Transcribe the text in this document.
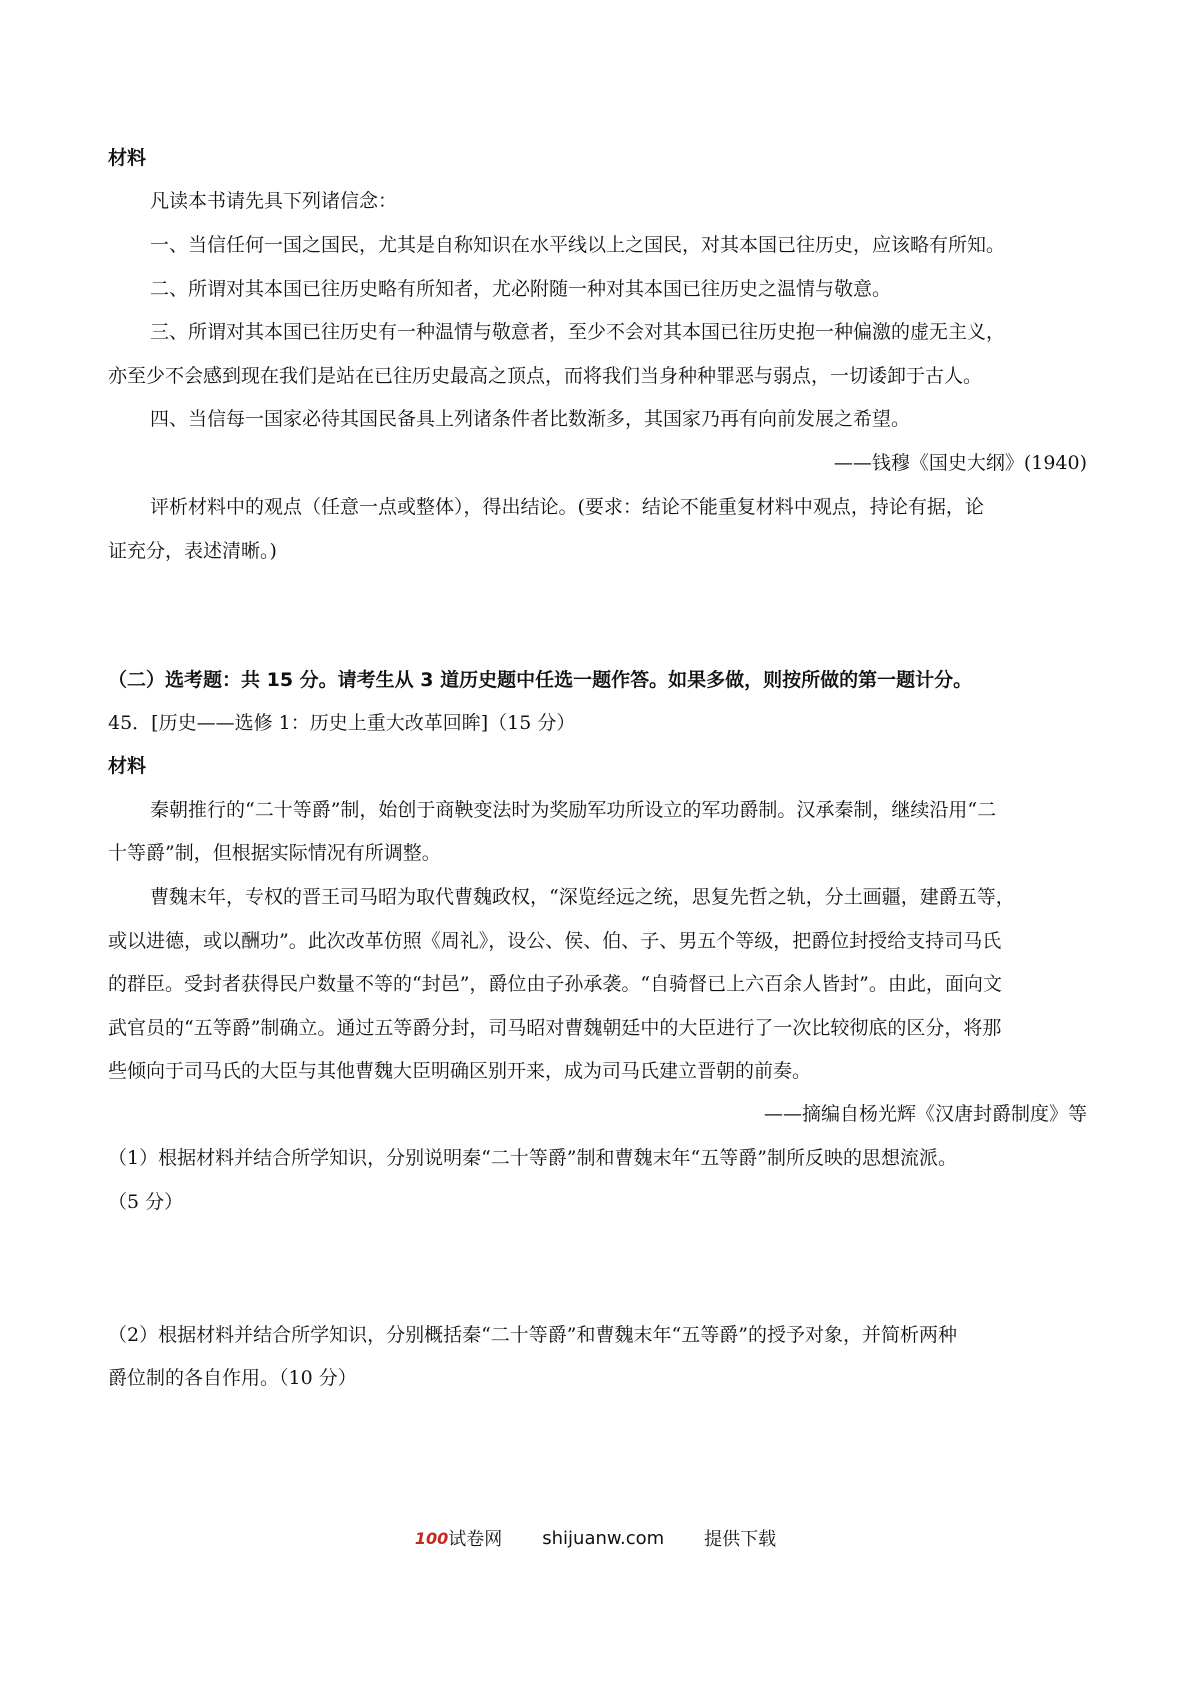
材料
凡读本书请先具下列诸信念：
一、当信任何一国之国民，尤其是自称知识在水平线以上之国民，对其本国已往历史，应该略有所知。
二、所谓对其本国已往历史略有所知者，尤必附随一种对其本国已往历史之温情与敬意。
三、所谓对其本国已往历史有一种温情与敬意者，至少不会对其本国已往历史抱一种偏激的虚无主义，
亦至少不会感到现在我们是站在已往历史最高之顶点，而将我们当身种种罪恶与弱点，一切诿卸于古人。
四、当信每一国家必待其国民备具上列诸条件者比数渐多，其国家乃再有向前发展之希望。
——钱穆《国史大纲》(1940)
评析材料中的观点（任意一点或整体），得出结论。(要求：结论不能重复材料中观点，持论有据，论
证充分，表述清晰。)
（二）选考题：共 15 分。请考生从 3 道历史题中任选一题作答。如果多做，则按所做的第一题计分。
45．[历史——选修 1：历史上重大改革回眸]（15 分）
材料
秦朝推行的“二十等爵”制，始创于商鞅变法时为奖励军功所设立的军功爵制。汉承秦制，继续沿用“二
十等爵”制，但根据实际情况有所调整。
曹魏末年，专权的晋王司马昭为取代曹魏政权，“深览经远之统，思复先哲之轨，分土画疆，建爵五等，
或以进德，或以酬功”。此次改革仿照《周礼》，设公、侯、伯、子、男五个等级，把爵位封授给支持司马氏
的群臣。受封者获得民户数量不等的“封邑”，爵位由子孙承袭。“自骑督已上六百余人皆封”。由此，面向文
武官员的“五等爵”制确立。通过五等爵分封，司马昭对曹魏朝廷中的大臣进行了一次比较彻底的区分，将那
些倾向于司马氏的大臣与其他曹魏大臣明确区别开来，成为司马氏建立晋朝的前奏。
——摘编自杨光辉《汉唐封爵制度》等
（1）根据材料并结合所学知识，分别说明秦“二十等爵”制和曹魏末年“五等爵”制所反映的思想流派。
（5 分）
（2）根据材料并结合所学知识，分别概括秦“二十等爵”和曹魏末年“五等爵”的授予对象，并简析两种
爵位制的各自作用。（10 分）
100试卷网 shijuanw.com 提供下载
